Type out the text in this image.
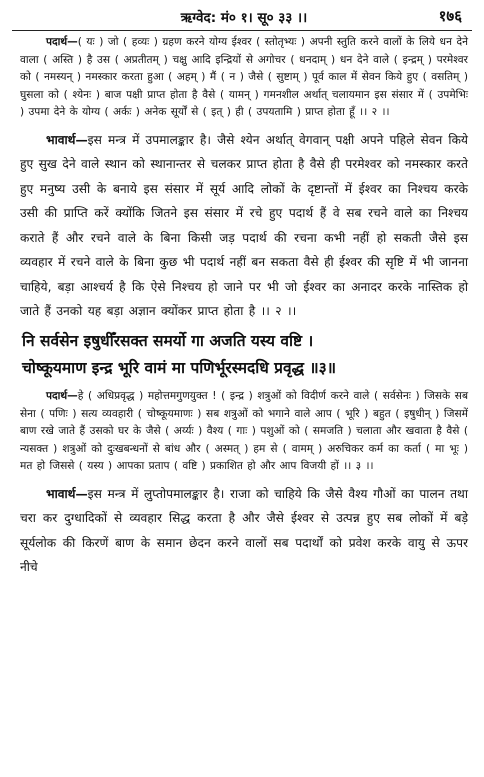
ऋग्वेद: मं० १। सू० ३३ ।।	१७६

पदार्थ—( यः ) जो ( हव्यः ) ग्रहण करने योग्य ईश्वर ( स्तोतृभ्यः ) अपनी स्तुति करने वालों के लिये धन देने वाला ( अस्ति ) है उस ( अप्रतीतम् ) चक्षु आदि इन्द्रियों से अगोचर ( धनदाम् ) धन देने वाले ( इन्द्रम् ) परमेश्वर को ( नमस्यन् ) नमस्कार करता हुआ ( अहम् ) मैं ( न ) जैसे ( सुष्टाम् ) पूर्व काल में सेवन किये हुए ( वसतिम् ) घुसला को ( श्येनः ) बाज पक्षी प्राप्त होता है वैसे ( यामन् ) गमनशील अर्थात् चलायमान इस संसार में ( उपमेभिः ) उपमा देने के योग्य ( अर्कः ) अनेक सूर्यों से ( इत् ) ही ( उपयतामि ) प्राप्त होता हूँ ।। २ ।।

भावार्थ—इस मन्त्र में उपमालङ्कार है। जैसे श्येन अर्थात् वेगवान् पक्षी अपने पहिले सेवन किये हुए सुख देने वाले स्थान को स्थानान्तर से चलकर प्राप्त होता है वैसे ही परमेश्वर को नमस्कार करते हुए मनुष्य उसी के बनाये इस संसार में सूर्य आदि लोकों के दृष्टान्तों में ईश्वर का निश्चय करके उसी की प्राप्ति करें क्योंकि जितने इस संसार में रचे हुए पदार्थ हैं वे सब रचने वाले का निश्चय कराते हैं और रचने वाले के बिना किसी जड़ पदार्थ की रचना कभी नहीं हो सकती जैसे इस व्यवहार में रचने वाले के बिना कुछ भी पदार्थ नहीं बन सकता वैसे ही ईश्वर की सृष्टि में भी जानना चाहिये, बड़ा आश्चर्य है कि ऐसे निश्चय हो जाने पर भी जो ईश्वर का अनादर करके नास्तिक हो जाते हैं उनको यह बड़ा अज्ञान क्योंकर प्राप्त होता है ।। २ ।।

नि सर्वसेन इषुधीँरसक्त समर्यो गा अजति यस्य वष्टि ।
चोष्कूयमाण इन्द्र भूरि वामं मा पणिर्भूरस्मदधि प्रवृद्ध ॥३॥

पदार्थ—हे ( अधिप्रवृद्ध ) महोत्तमगुणयुक्त ! ( इन्द्र ) शत्रुओं को विदीर्ण करने वाले ( सर्वसेनः ) जिसके सब सेना ( पणिः ) सत्य व्यवहारी ( चोष्कूयमाणः ) सब शत्रुओं को भगाने वाले आप ( भूरि ) बहुत ( इषुधीन् ) जिसमें बाण रखे जाते हैं उसको घर के जैसे ( अर्य्यः ) वैश्य ( गाः ) पशुओं को ( समजति ) चलाता और खवाता है वैसे ( न्यसक्त ) शत्रुओं को दुःखबन्धनों से बांध और ( अस्मत् ) हम से ( वामम् ) अरुचिकर कर्म का कर्ता ( मा भूः ) मत हो जिससे ( यस्य ) आपका प्रताप ( वष्टि ) प्रकाशित हो और आप विजयी हों ।। ३ ।।

भावार्थ—इस मन्त्र में लुप्तोपमालङ्कार है। राजा को चाहिये कि जैसे वैश्य गौओं का पालन तथा चरा कर दुग्धादिकों से व्यवहार सिद्ध करता है और जैसे ईश्वर से उत्पन्न हुए सब लोकों में बड़े सूर्यलोक की किरणें बाण के समान छेदन करने वालों सब पदार्थों को प्रवेश करके वायु से ऊपर नीचे
